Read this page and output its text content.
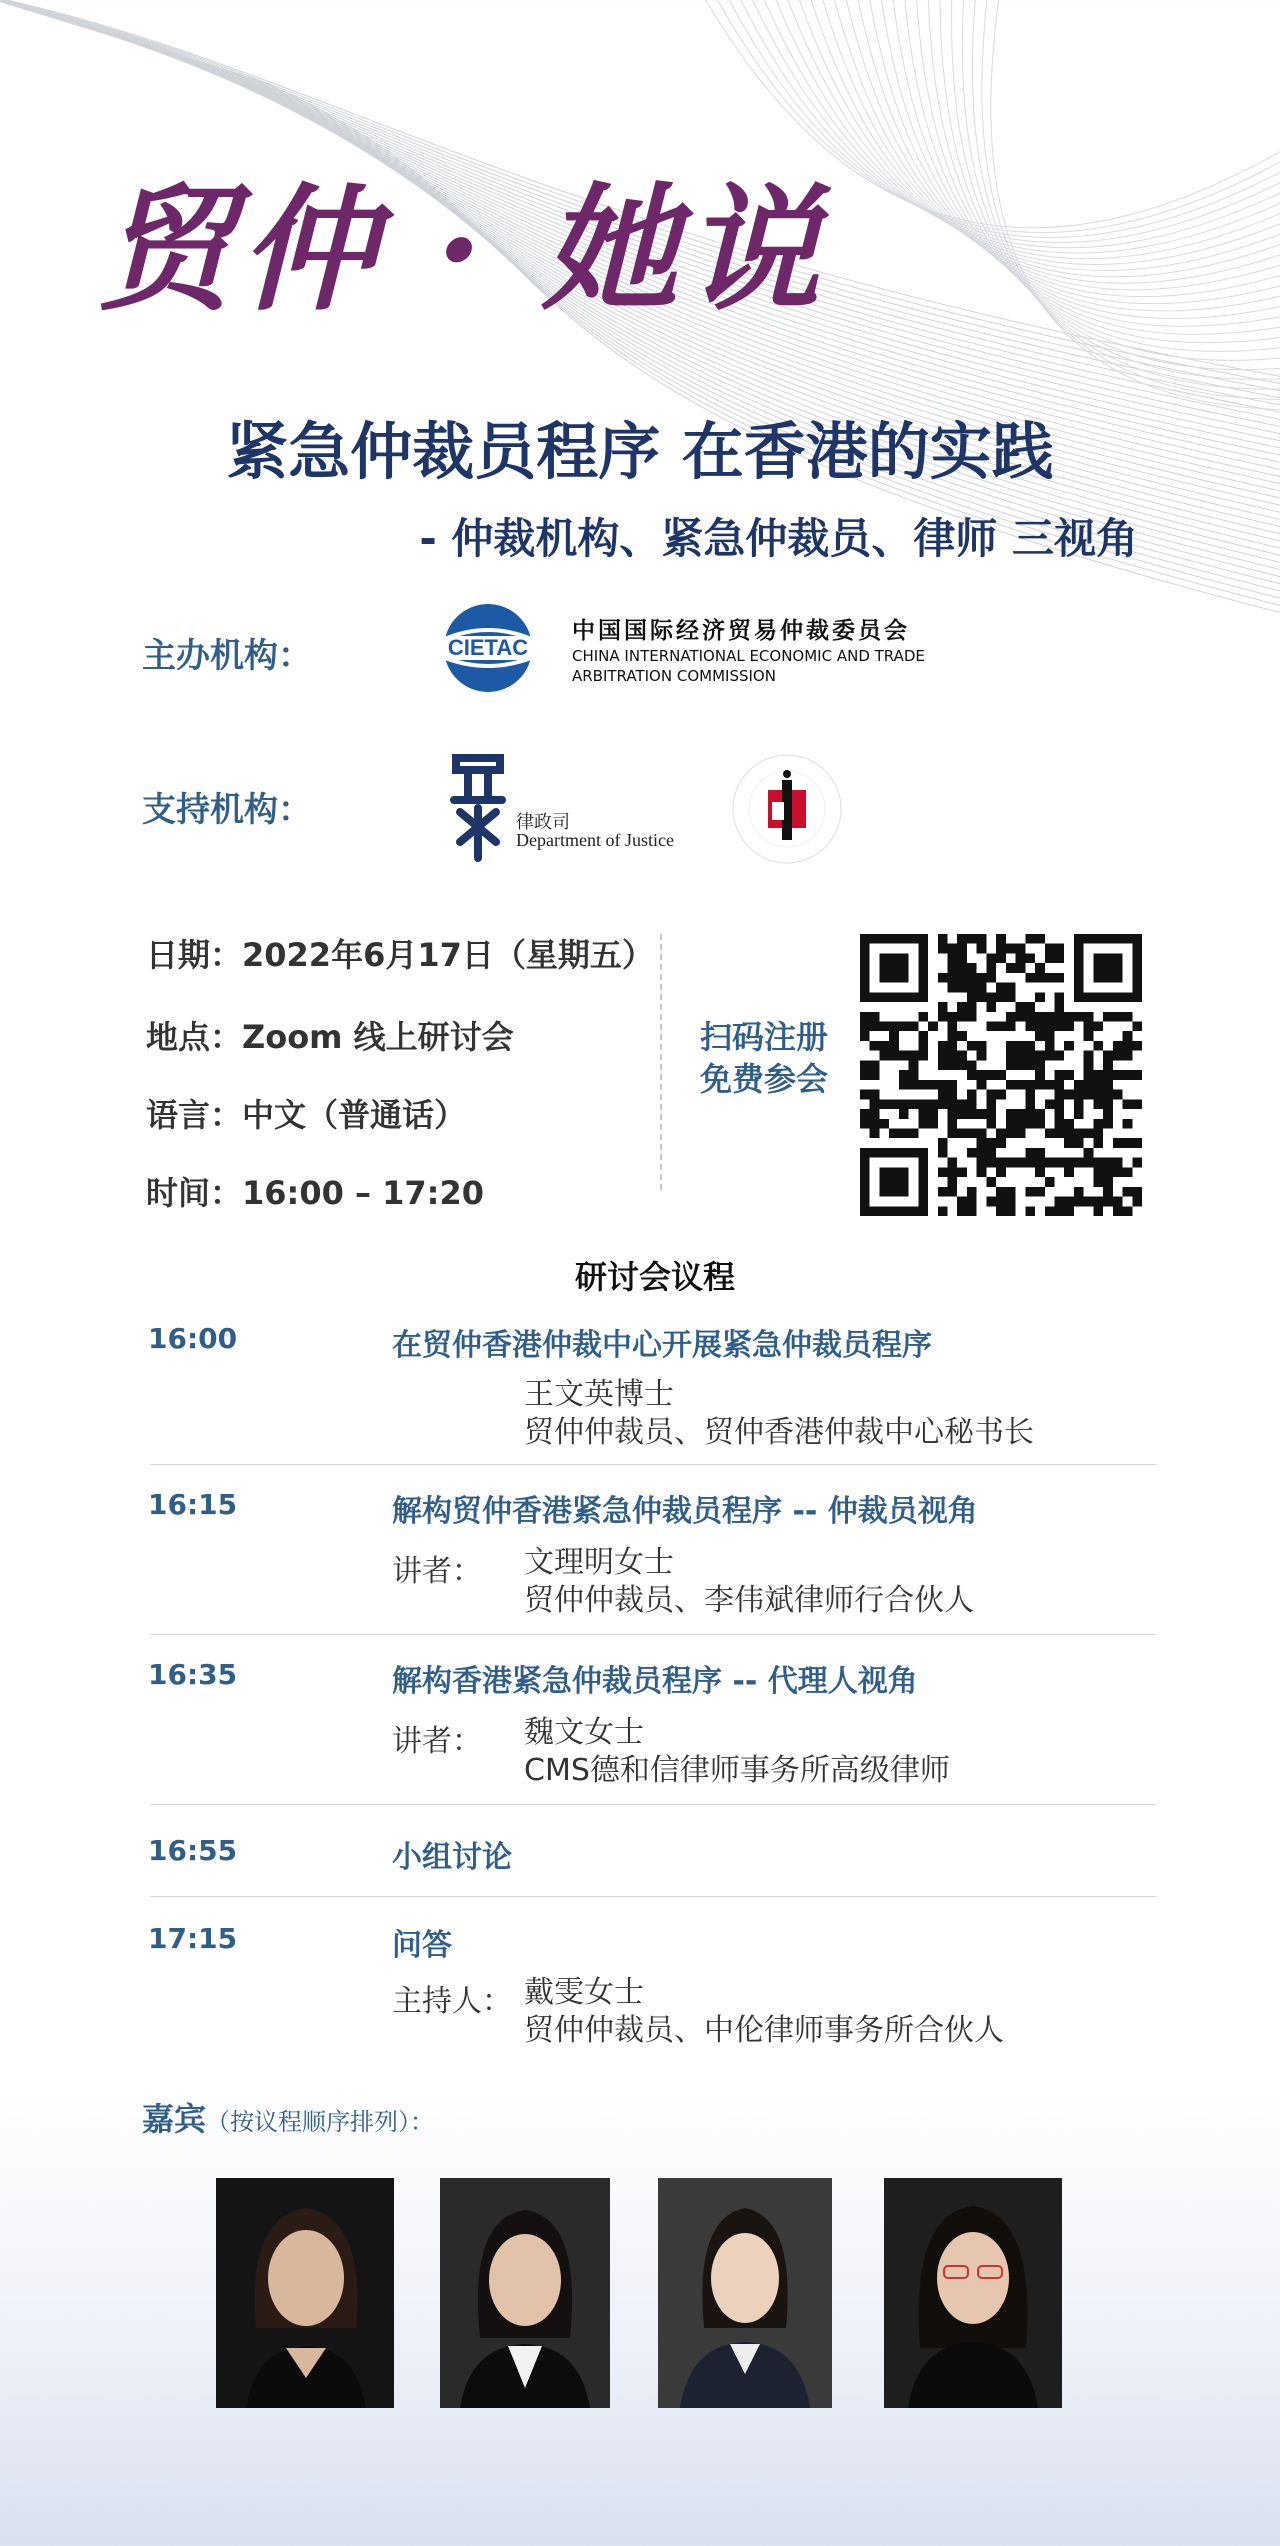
贸仲 · 她说
紧急仲裁员程序 在香港的实践
- 仲裁机构、紧急仲裁员、律师 三视角
主办机构：	CIETAC
中国国际经济贸易仲裁委员会
CHINA INTERNATIONAL ECONOMIC AND TRADE ARBITRATION COMMISSION
支持机构：	律政司
Department of Justice
日期：2022年6月17日（星期五）
地点：Zoom 线上研讨会
语言：中文（普通话）
时间：16:00 – 17:20
扫码注册
免费参会
研讨会议程
16:00	在贸仲香港仲裁中心开展紧急仲裁员程序
王文英博士
贸仲仲裁员、贸仲香港仲裁中心秘书长
16:15	解构贸仲香港紧急仲裁员程序 -- 仲裁员视角
讲者： 文理明女士
贸仲仲裁员、李伟斌律师行合伙人
16:35	解构香港紧急仲裁员程序 -- 代理人视角
讲者： 魏文女士
CMS德和信律师事务所高级律师
16:55	小组讨论
17:15	问答
主持人： 戴雯女士
贸仲仲裁员、中伦律师事务所合伙人
嘉宾（按议程顺序排列）：
